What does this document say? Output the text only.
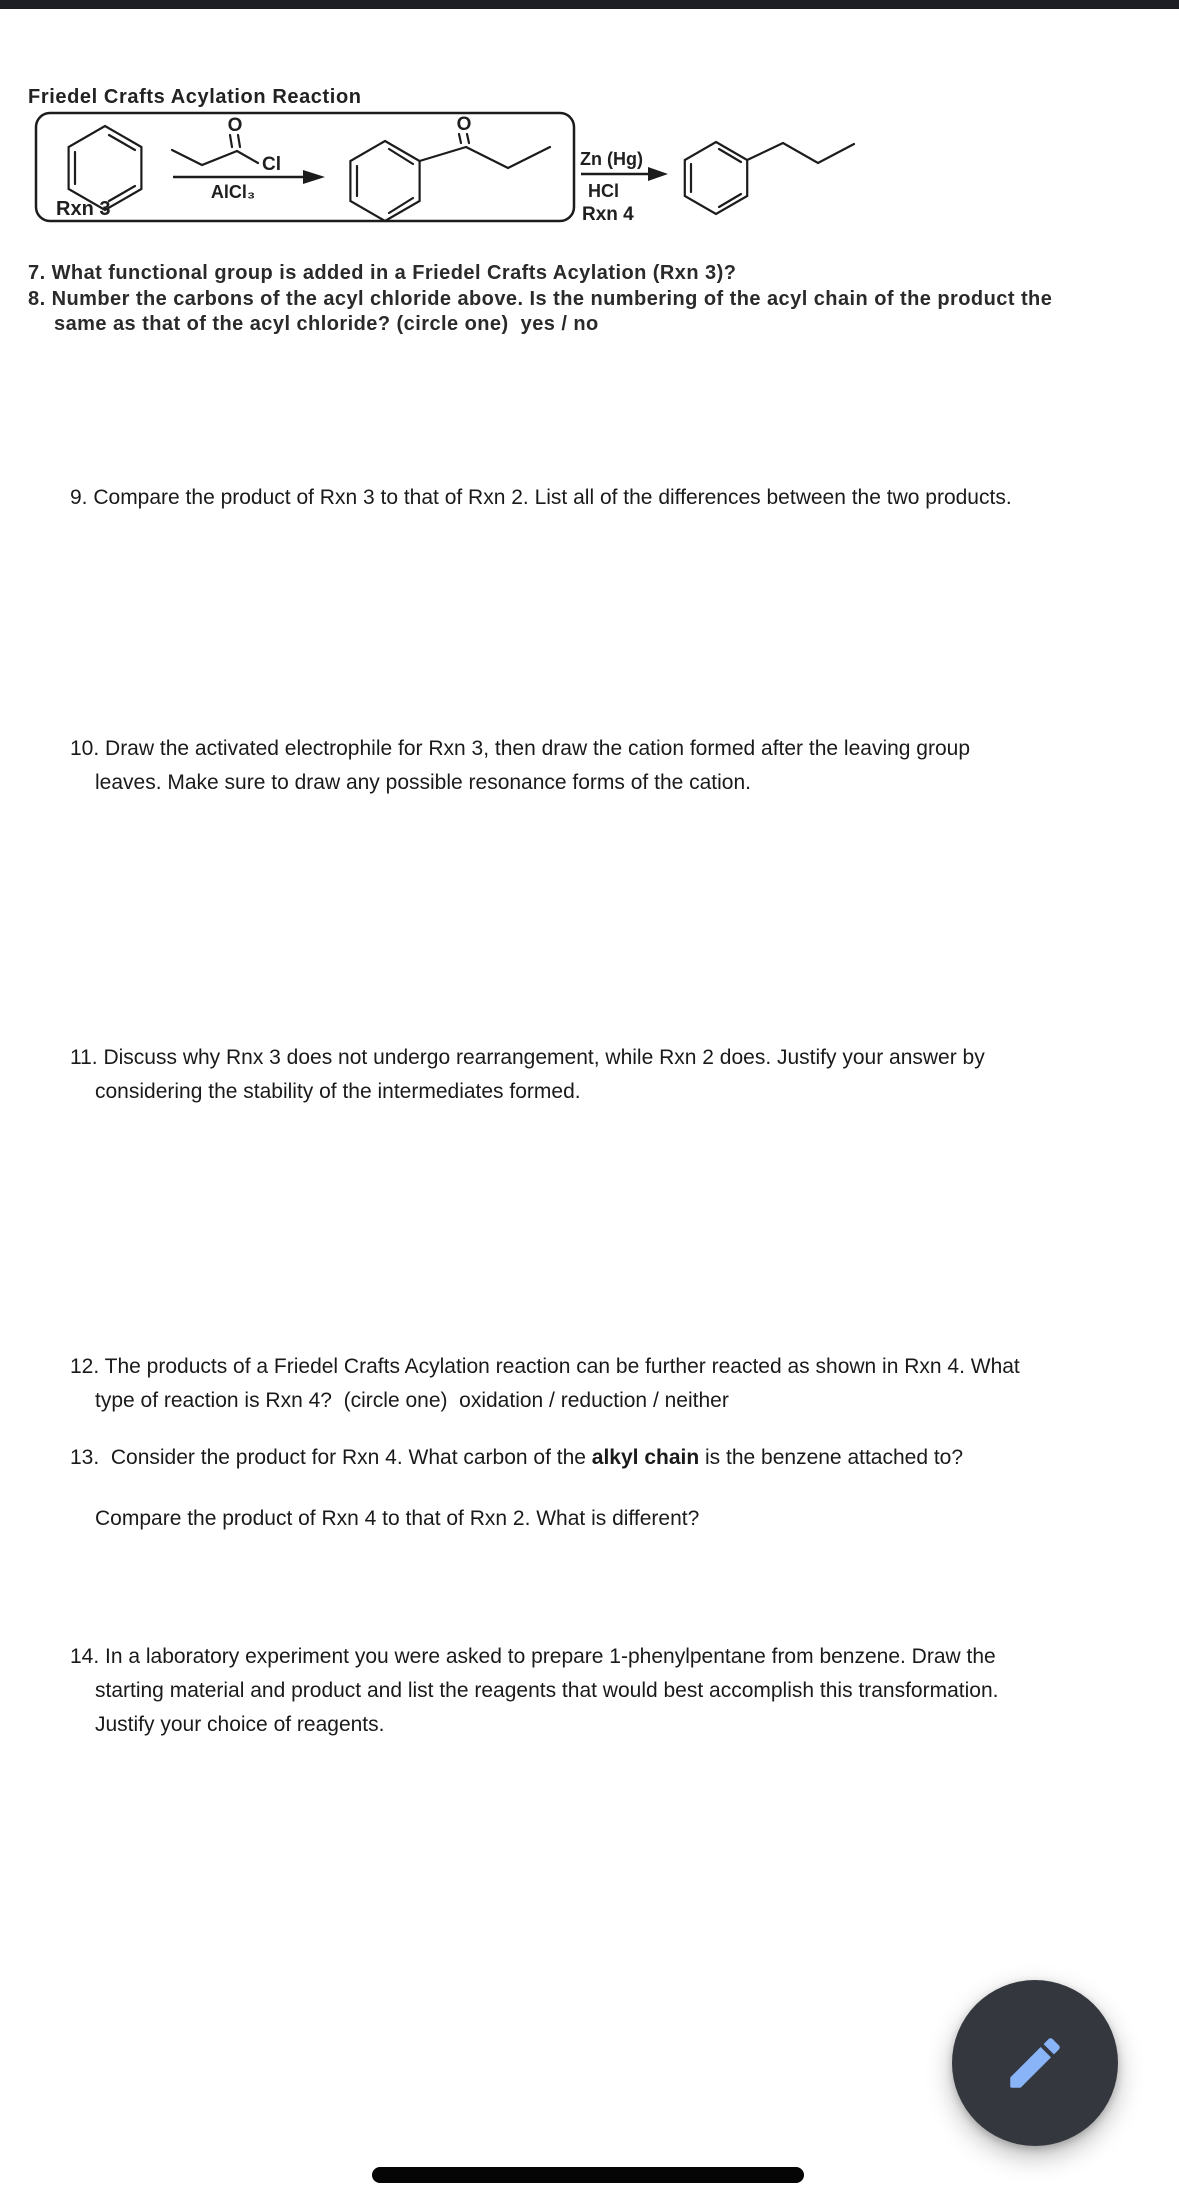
Friedel Crafts Acylation Reaction
Rxn 3
O
Cl
AlCl₃
O
Zn (Hg)
HCl
Rxn 4
7. What functional group is added in a Friedel Crafts Acylation (Rxn 3)?
8. Number the carbons of the acyl chloride above. Is the numbering of the acyl chain of the product the
same as that of the acyl chloride? (circle one)  yes / no
9. Compare the product of Rxn 3 to that of Rxn 2. List all of the differences between the two products.
10. Draw the activated electrophile for Rxn 3, then draw the cation formed after the leaving group
leaves. Make sure to draw any possible resonance forms of the cation.
11. Discuss why Rnx 3 does not undergo rearrangement, while Rxn 2 does. Justify your answer by
considering the stability of the intermediates formed.
12. The products of a Friedel Crafts Acylation reaction can be further reacted as shown in Rxn 4. What
type of reaction is Rxn 4?  (circle one)  oxidation / reduction / neither
13.  Consider the product for Rxn 4. What carbon of the alkyl chain is the benzene attached to?
Compare the product of Rxn 4 to that of Rxn 2. What is different?
14. In a laboratory experiment you were asked to prepare 1-phenylpentane from benzene. Draw the
starting material and product and list the reagents that would best accomplish this transformation.
Justify your choice of reagents.
